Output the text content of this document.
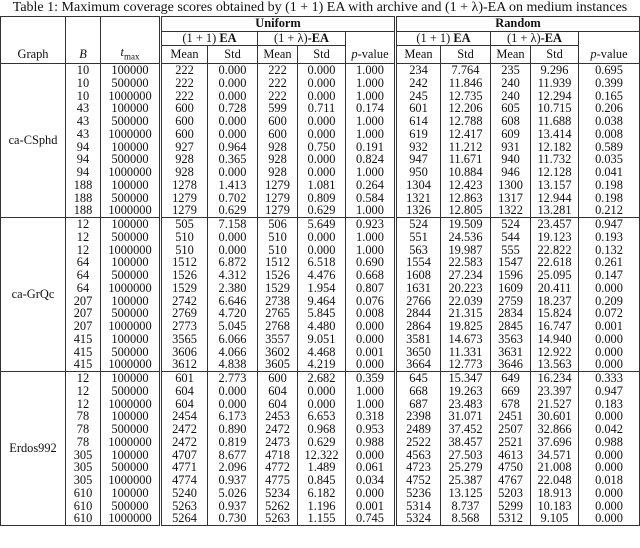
Table 1: Maximum coverage scores obtained by (1 + 1) EA with archive and (1 + λ)-EA on medium instances
			Uniform					Random				
			(1 + 1) EA		(1 + λ)-EA			(1 + 1) EA		(1 + λ)-EA		
Graph	B	$t_{max}$	Mean	Std	Mean	Std	p-value	Mean	Std	Mean	Std	p-value
ca-CSphd	10	100000	222	0.000	222	0.000	1.000	234	7.764	235	9.296	0.695
	10	500000	222	0.000	222	0.000	1.000	242	11.846	240	11.939	0.399
	10	1000000	222	0.000	222	0.000	1.000	245	12.735	240	12.294	0.165
	43	100000	600	0.728	599	0.711	0.174	601	12.206	605	10.715	0.206
	43	500000	600	0.000	600	0.000	1.000	614	12.788	608	11.688	0.038
	43	1000000	600	0.000	600	0.000	1.000	619	12.417	609	13.414	0.008
	94	100000	927	0.964	928	0.750	0.191	932	11.212	931	12.182	0.589
	94	500000	928	0.365	928	0.000	0.824	947	11.671	940	11.732	0.035
	94	1000000	928	0.000	928	0.000	1.000	950	10.884	946	12.128	0.041
	188	100000	1278	1.413	1279	1.081	0.264	1304	12.423	1300	13.157	0.198
	188	500000	1279	0.702	1279	0.809	0.584	1321	12.863	1317	12.944	0.198
	188	1000000	1279	0.629	1279	0.629	1.000	1326	12.805	1322	13.281	0.212
ca-GrQc	12	100000	505	7.158	506	5.649	0.923	524	19.509	524	23.457	0.947
	12	500000	510	0.000	510	0.000	1.000	551	24.536	544	19.123	0.193
	12	1000000	510	0.000	510	0.000	1.000	563	19.987	555	22.822	0.132
	64	100000	1512	6.872	1512	6.518	0.690	1554	22.583	1547	22.618	0.261
	64	500000	1526	4.312	1526	4.476	0.668	1608	27.234	1596	25.095	0.147
	64	1000000	1529	2.380	1529	1.954	0.807	1631	20.223	1609	20.411	0.000
	207	100000	2742	6.646	2738	9.464	0.076	2766	22.039	2759	18.237	0.209
	207	500000	2769	4.720	2765	5.845	0.008	2844	21.315	2834	15.824	0.072
	207	1000000	2773	5.045	2768	4.480	0.000	2864	19.825	2845	16.747	0.001
	415	100000	3565	6.066	3557	9.051	0.000	3581	14.673	3563	14.940	0.000
	415	500000	3606	4.066	3602	4.468	0.001	3650	11.331	3631	12.922	0.000
	415	1000000	3612	4.838	3605	4.219	0.000	3664	12.773	3646	13.563	0.000
Erdos992	12	100000	601	2.773	600	2.682	0.359	645	15.347	649	16.234	0.333
	12	500000	604	0.000	604	0.000	1.000	668	19.263	669	23.397	0.947
	12	1000000	604	0.000	604	0.000	1.000	687	23.483	678	21.527	0.183
	78	100000	2454	6.173	2453	6.653	0.318	2398	31.071	2451	30.601	0.000
	78	500000	2472	0.890	2472	0.968	0.953	2489	37.452	2507	32.866	0.042
	78	1000000	2472	0.819	2473	0.629	0.988	2522	38.457	2521	37.696	0.988
	305	100000	4707	8.677	4718	12.322	0.000	4563	27.503	4613	34.571	0.000
	305	500000	4771	2.096	4772	1.489	0.061	4723	25.279	4750	21.008	0.000
	305	1000000	4774	0.937	4775	0.845	0.034	4752	25.387	4767	22.048	0.018
	610	100000	5240	5.026	5234	6.182	0.000	5236	13.125	5203	18.913	0.000
	610	500000	5263	0.937	5262	1.196	0.001	5314	8.737	5299	10.183	0.000
	610	1000000	5264	0.730	5263	1.155	0.745	5324	8.568	5312	9.105	0.000
